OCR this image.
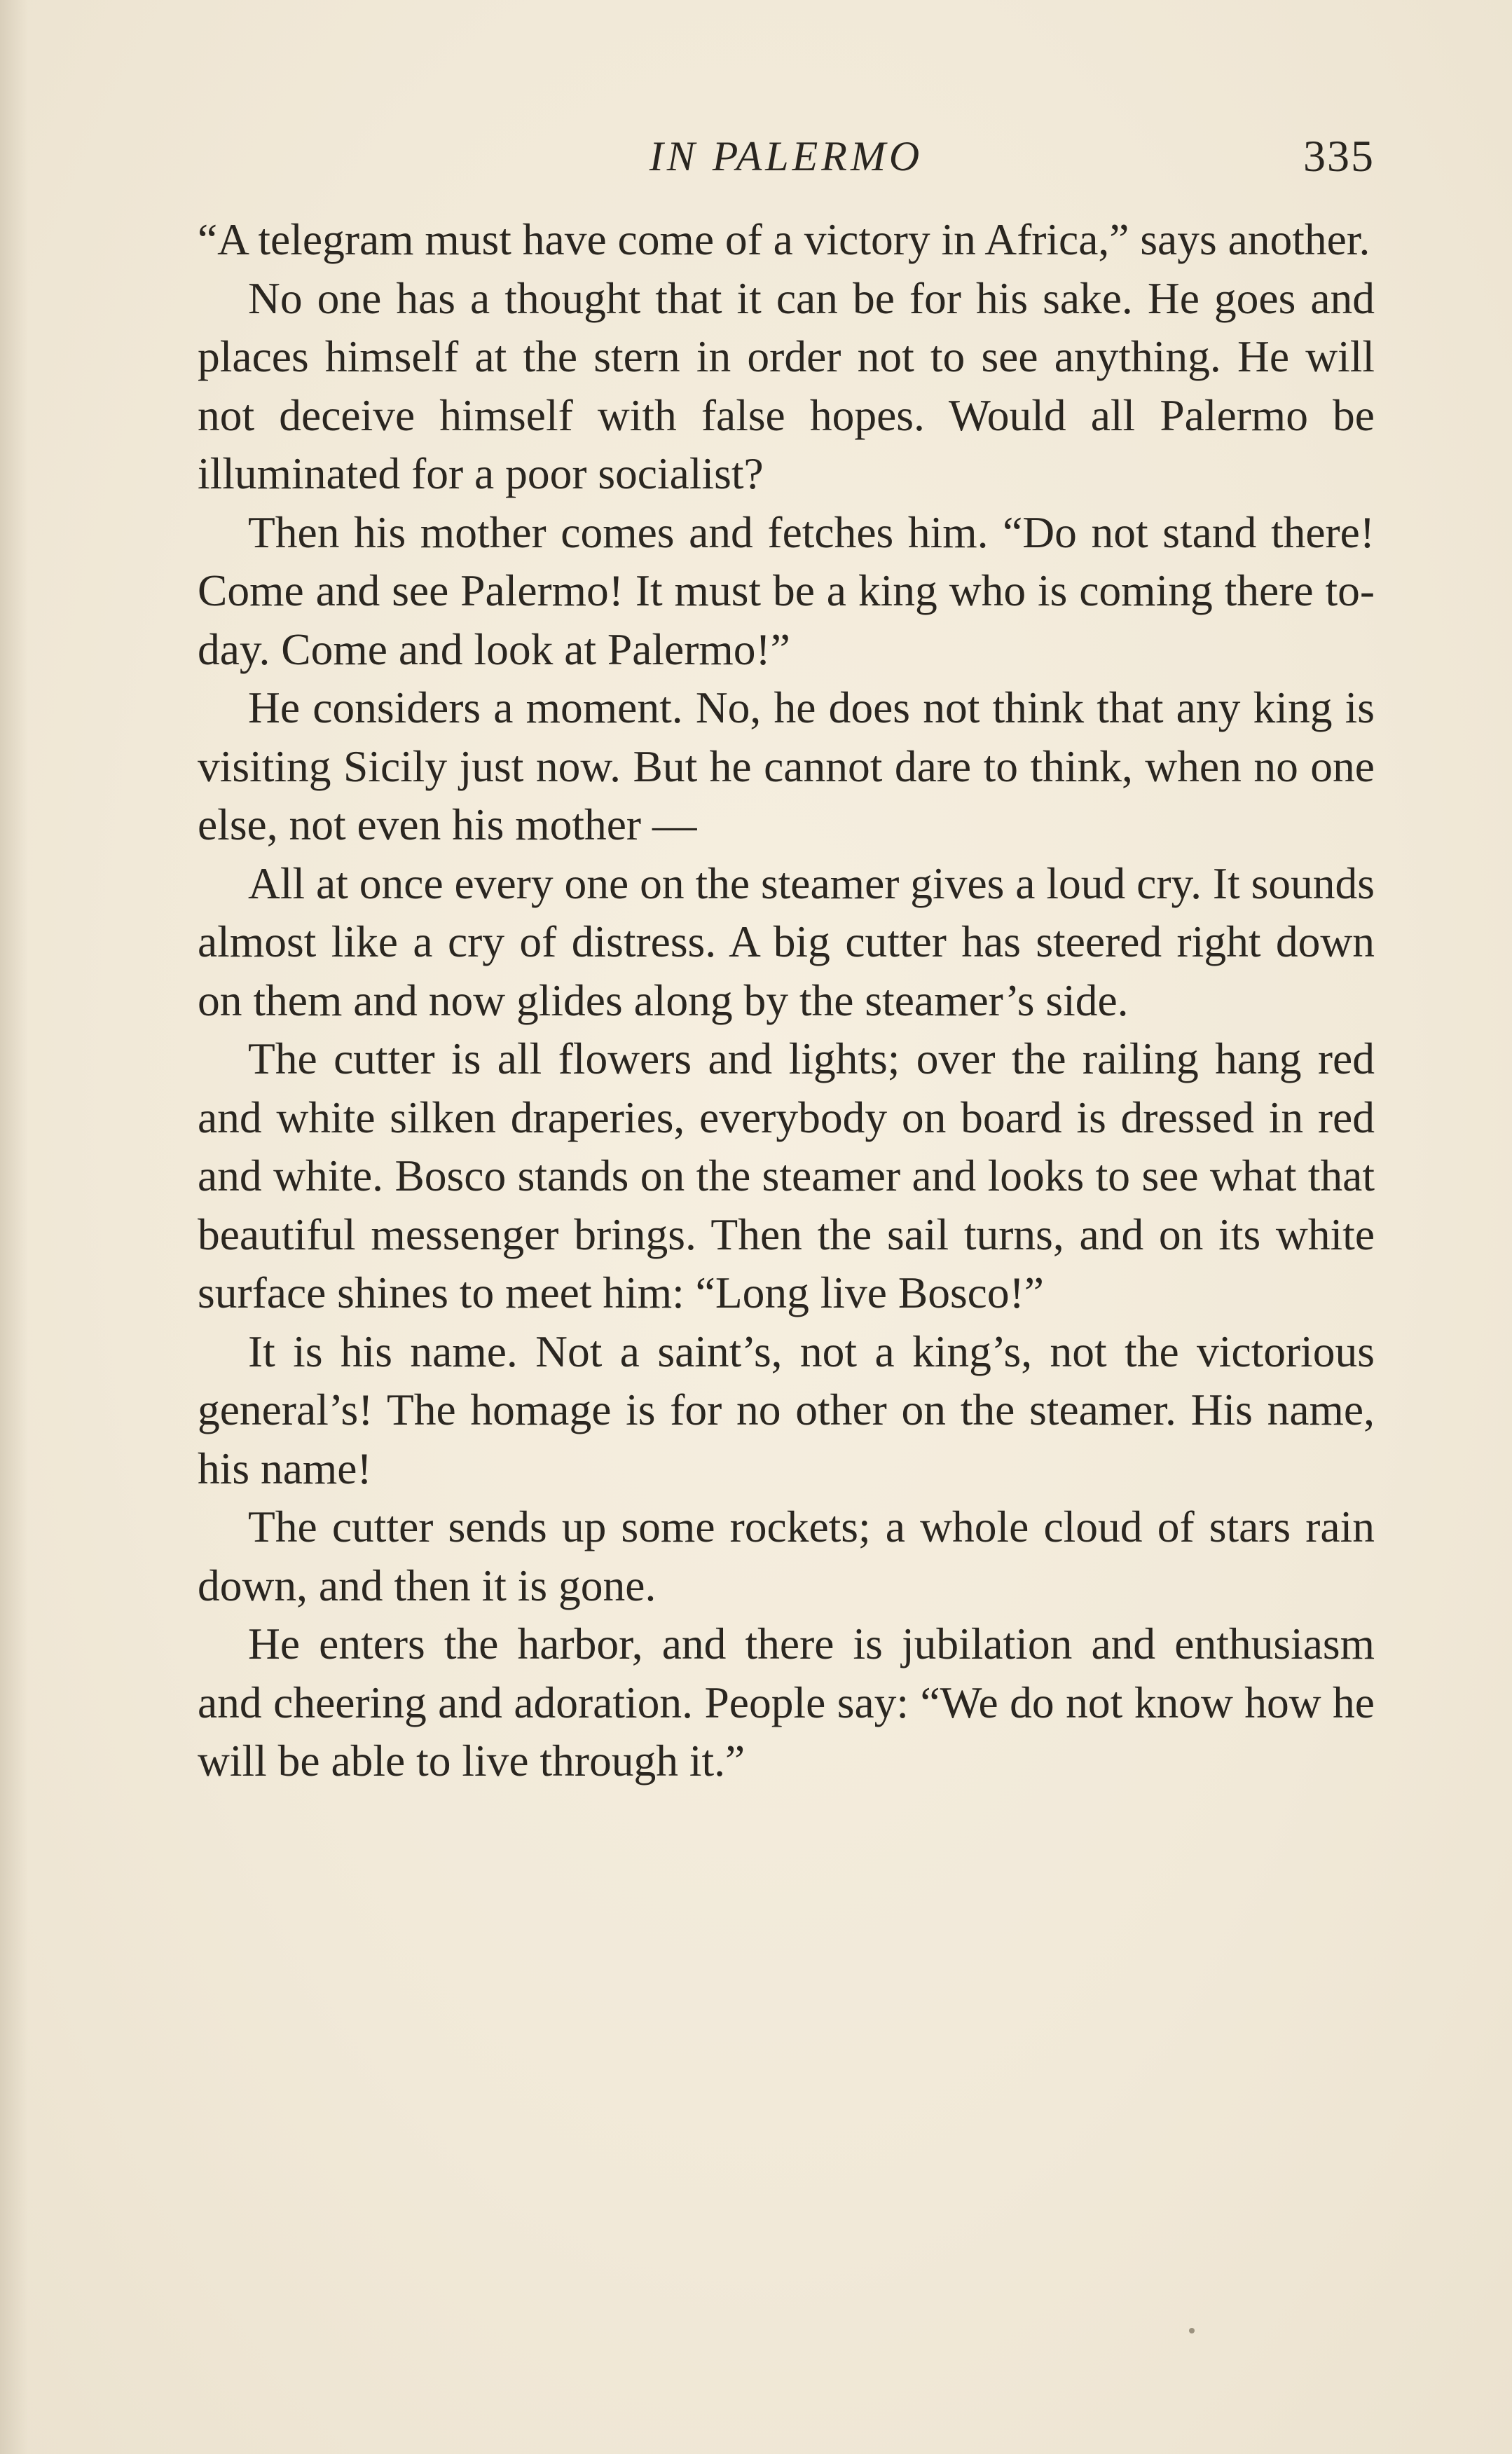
IN PALERMO	335

“A telegram must have come of a victory in Africa,” says another.

No one has a thought that it can be for his sake. He goes and places himself at the stern in order not to see anything. He will not deceive himself with false hopes. Would all Palermo be illuminated for a poor socialist?

Then his mother comes and fetches him. “Do not stand there! Come and see Palermo! It must be a king who is coming there to-day. Come and look at Palermo!”

He considers a moment. No, he does not think that any king is visiting Sicily just now. But he cannot dare to think, when no one else, not even his mother —

All at once every one on the steamer gives a loud cry. It sounds almost like a cry of distress. A big cutter has steered right down on them and now glides along by the steamer’s side.

The cutter is all flowers and lights; over the railing hang red and white silken draperies, everybody on board is dressed in red and white. Bosco stands on the steamer and looks to see what that beautiful messenger brings. Then the sail turns, and on its white surface shines to meet him: “Long live Bosco!”

It is his name. Not a saint’s, not a king’s, not the victorious general’s! The homage is for no other on the steamer. His name, his name!

The cutter sends up some rockets; a whole cloud of stars rain down, and then it is gone.

He enters the harbor, and there is jubilation and enthusiasm and cheering and adoration. People say: “We do not know how he will be able to live through it.”
